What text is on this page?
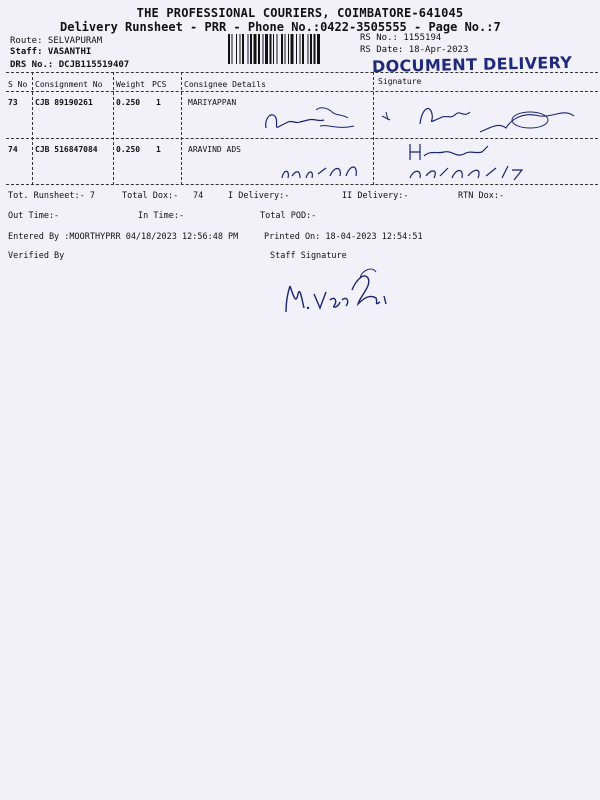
THE PROFESSIONAL COURIERS, COIMBATORE-641045
Delivery Runsheet - PRR - Phone No.:0422-3505555 - Page No.:7
Route: SELVAPURAM
Staff: VASANTHI
DRS No.: DCJB115519407
RS No.: 1155194
RS Date: 18-Apr-2023
DOCUMENT DELIVERY
S No Consignment No Weight PCS Consignee Details	Signature
73 CJB 89190261	0.250 1	MARIYAPPAN
74 CJB 516847084 0.250 1	ARAVIND ADS
Tot. Runsheet:- 7	Total Dox:- 74	I Delivery:-	II Delivery:-	RTN Dox:-
Out Time:-	In Time:-	Total POD:-
Entered By :MOORTHYPRR 04/18/2023 12:56:48 PM	Printed On: 18-04-2023 12:54:51
Verified By	Staff Signature
